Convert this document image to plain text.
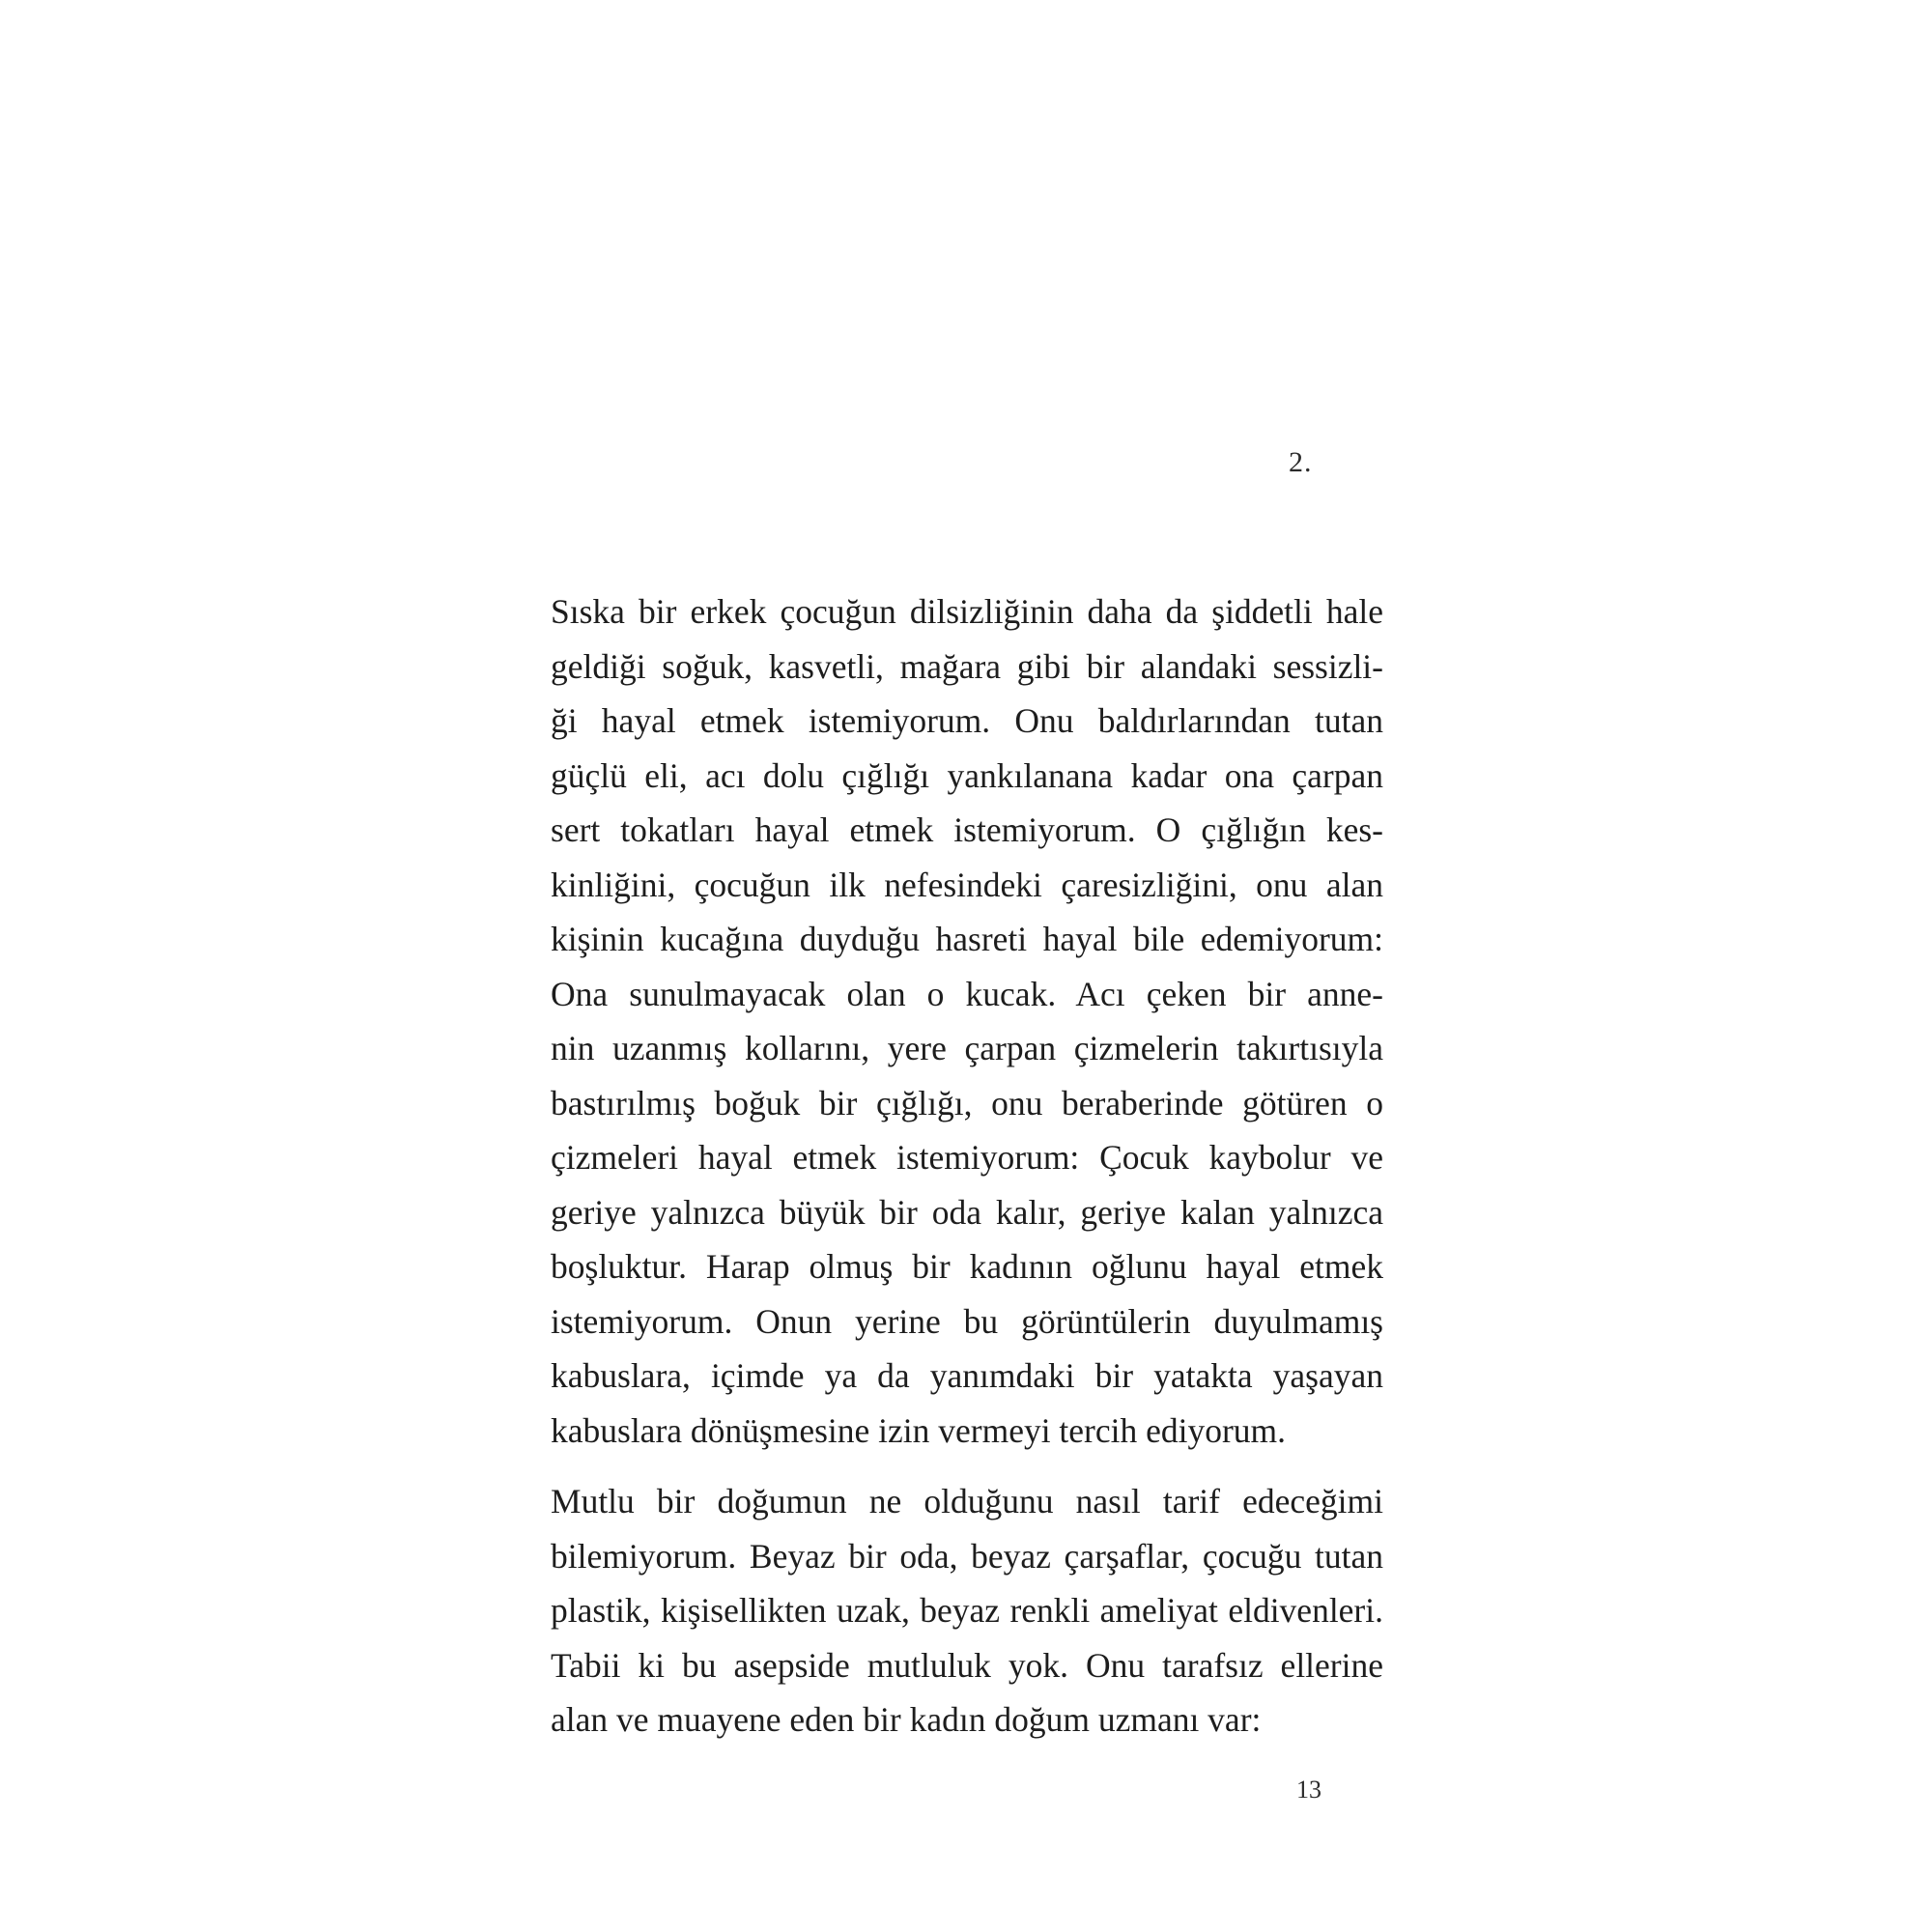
2.
Sıska bir erkek çocuğun dilsizliğinin daha da şiddetli hale
geldiği soğuk, kasvetli, mağara gibi bir alandaki sessizli-
ği hayal etmek istemiyorum. Onu baldırlarından tutan
güçlü eli, acı dolu çığlığı yankılanana kadar ona çarpan
sert tokatları hayal etmek istemiyorum. O çığlığın kes-
kinliğini, çocuğun ilk nefesindeki çaresizliğini, onu alan
kişinin kucağına duyduğu hasreti hayal bile edemiyorum:
Ona sunulmayacak olan o kucak. Acı çeken bir anne-
nin uzanmış kollarını, yere çarpan çizmelerin takırtısıyla
bastırılmış boğuk bir çığlığı, onu beraberinde götüren o
çizmeleri hayal etmek istemiyorum: Çocuk kaybolur ve
geriye yalnızca büyük bir oda kalır, geriye kalan yalnızca
boşluktur. Harap olmuş bir kadının oğlunu hayal etmek
istemiyorum. Onun yerine bu görüntülerin duyulmamış
kabuslara, içimde ya da yanımdaki bir yatakta yaşayan
kabuslara dönüşmesine izin vermeyi tercih ediyorum.
Mutlu bir doğumun ne olduğunu nasıl tarif edeceğimi
bilemiyorum. Beyaz bir oda, beyaz çarşaflar, çocuğu tutan
plastik, kişisellikten uzak, beyaz renkli ameliyat eldivenleri.
Tabii ki bu asepside mutluluk yok. Onu tarafsız ellerine
alan ve muayene eden bir kadın doğum uzmanı var:
13
